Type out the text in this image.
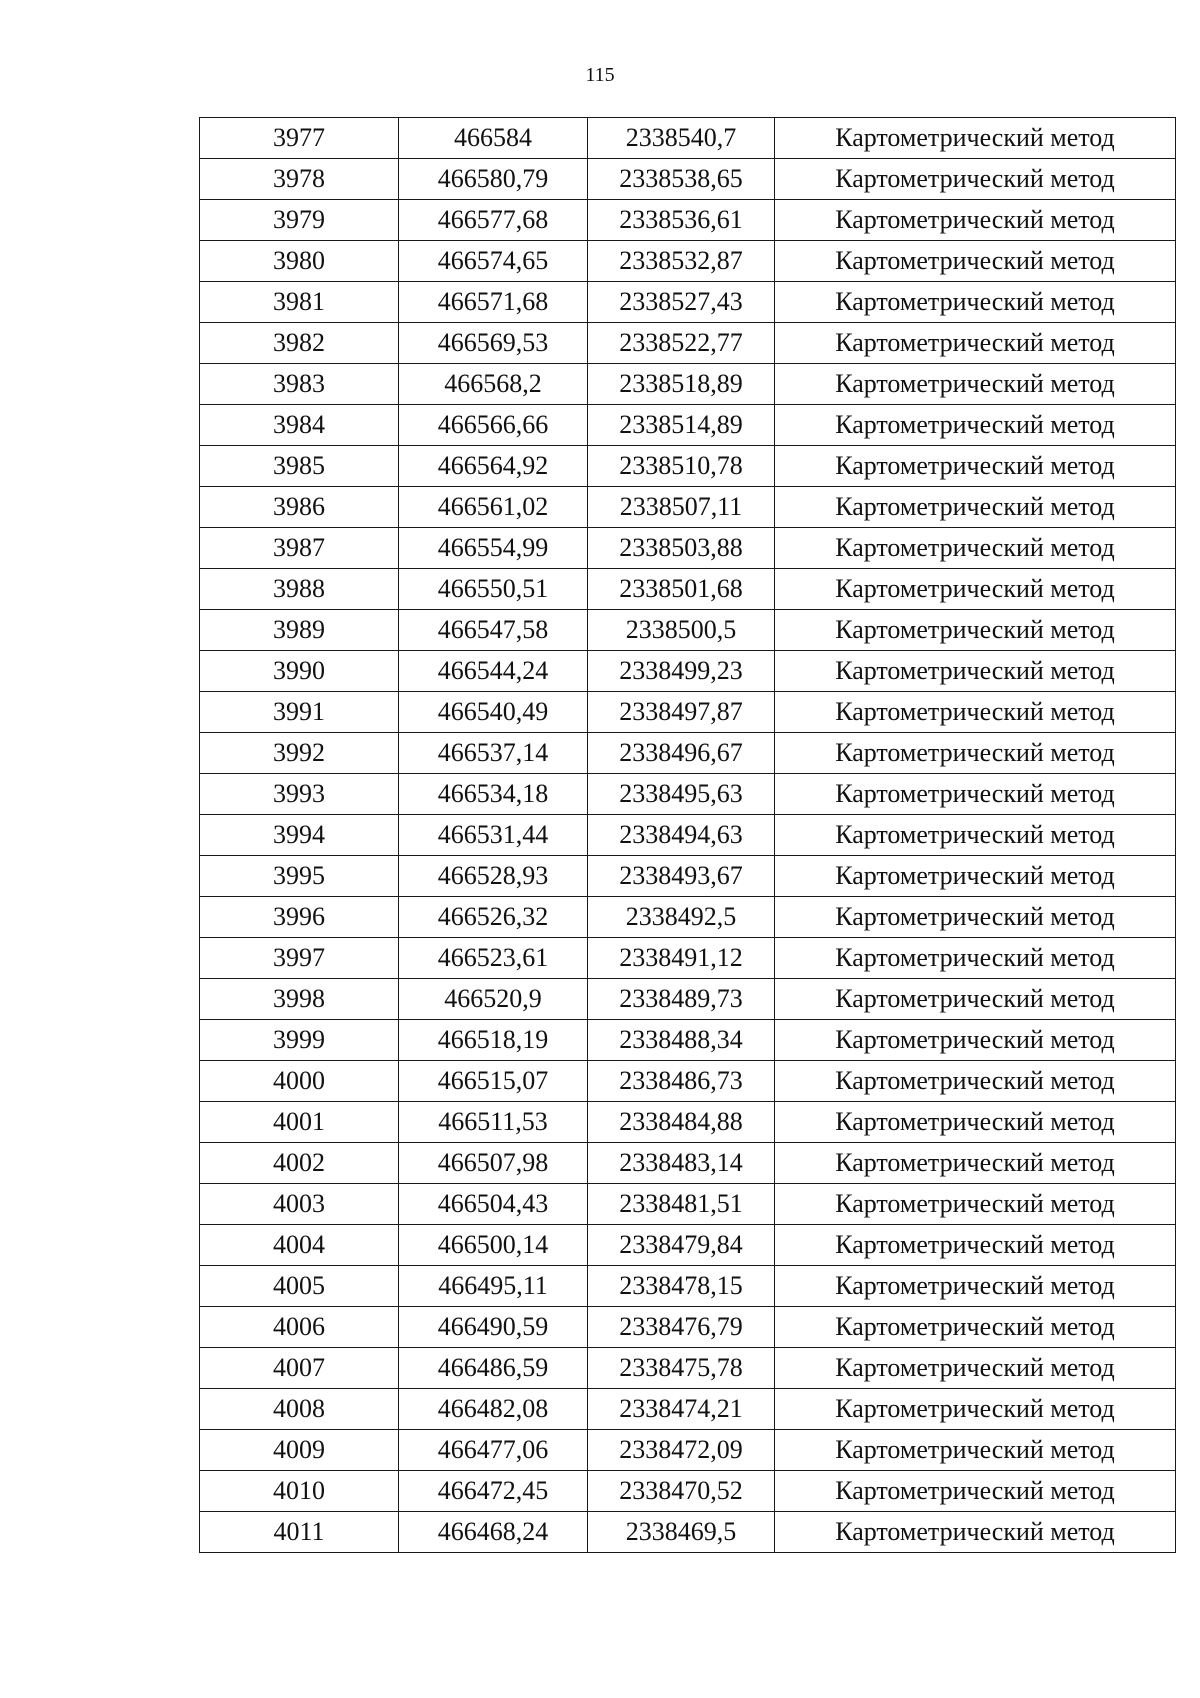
115
3977	466584	2338540,7	Картометрический метод
3978	466580,79	2338538,65	Картометрический метод
3979	466577,68	2338536,61	Картометрический метод
3980	466574,65	2338532,87	Картометрический метод
3981	466571,68	2338527,43	Картометрический метод
3982	466569,53	2338522,77	Картометрический метод
3983	466568,2	2338518,89	Картометрический метод
3984	466566,66	2338514,89	Картометрический метод
3985	466564,92	2338510,78	Картометрический метод
3986	466561,02	2338507,11	Картометрический метод
3987	466554,99	2338503,88	Картометрический метод
3988	466550,51	2338501,68	Картометрический метод
3989	466547,58	2338500,5	Картометрический метод
3990	466544,24	2338499,23	Картометрический метод
3991	466540,49	2338497,87	Картометрический метод
3992	466537,14	2338496,67	Картометрический метод
3993	466534,18	2338495,63	Картометрический метод
3994	466531,44	2338494,63	Картометрический метод
3995	466528,93	2338493,67	Картометрический метод
3996	466526,32	2338492,5	Картометрический метод
3997	466523,61	2338491,12	Картометрический метод
3998	466520,9	2338489,73	Картометрический метод
3999	466518,19	2338488,34	Картометрический метод
4000	466515,07	2338486,73	Картометрический метод
4001	466511,53	2338484,88	Картометрический метод
4002	466507,98	2338483,14	Картометрический метод
4003	466504,43	2338481,51	Картометрический метод
4004	466500,14	2338479,84	Картометрический метод
4005	466495,11	2338478,15	Картометрический метод
4006	466490,59	2338476,79	Картометрический метод
4007	466486,59	2338475,78	Картометрический метод
4008	466482,08	2338474,21	Картометрический метод
4009	466477,06	2338472,09	Картометрический метод
4010	466472,45	2338470,52	Картометрический метод
4011	466468,24	2338469,5	Картометрический метод
